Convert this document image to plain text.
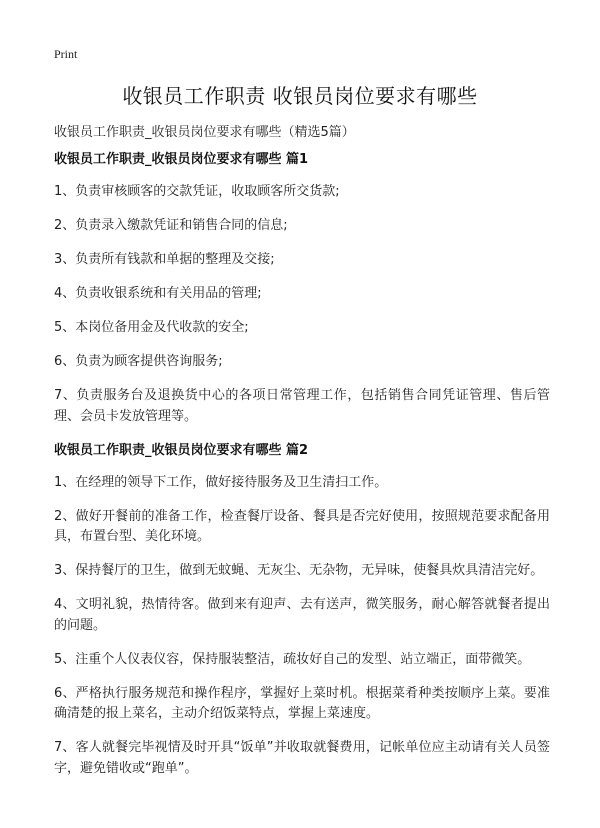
Print
收银员工作职责 收银员岗位要求有哪些

收银员工作职责_收银员岗位要求有哪些（精选5篇）

收银员工作职责_收银员岗位要求有哪些 篇1

1、负责审核顾客的交款凭证，收取顾客所交货款;

2、负责录入缴款凭证和销售合同的信息;

3、负责所有钱款和单据的整理及交接;

4、负责收银系统和有关用品的管理;

5、本岗位备用金及代收款的安全;

6、负责为顾客提供咨询服务;

7、负责服务台及退换货中心的各项日常管理工作，包括销售合同凭证管理、售后管理、会员卡发放管理等。

收银员工作职责_收银员岗位要求有哪些 篇2

1、在经理的领导下工作，做好接待服务及卫生清扫工作。

2、做好开餐前的准备工作，检查餐厅设备、餐具是否完好使用，按照规范要求配备用具，布置台型、美化环境。

3、保持餐厅的卫生，做到无蚊蝇、无灰尘、无杂物，无异味，使餐具炊具清洁完好。

4、文明礼貌，热情待客。做到来有迎声、去有送声，微笑服务，耐心解答就餐者提出的问题。

5、注重个人仪表仪容，保持服装整洁，疏妆好自己的发型、站立端正，面带微笑。

6、严格执行服务规范和操作程序，掌握好上菜时机。根据菜肴种类按顺序上菜。要准确清楚的报上菜名，主动介绍饭菜特点，掌握上菜速度。

7、客人就餐完毕视情及时开具“饭单”并收取就餐费用，记帐单位应主动请有关人员签字，避免错收或“跑单”。
